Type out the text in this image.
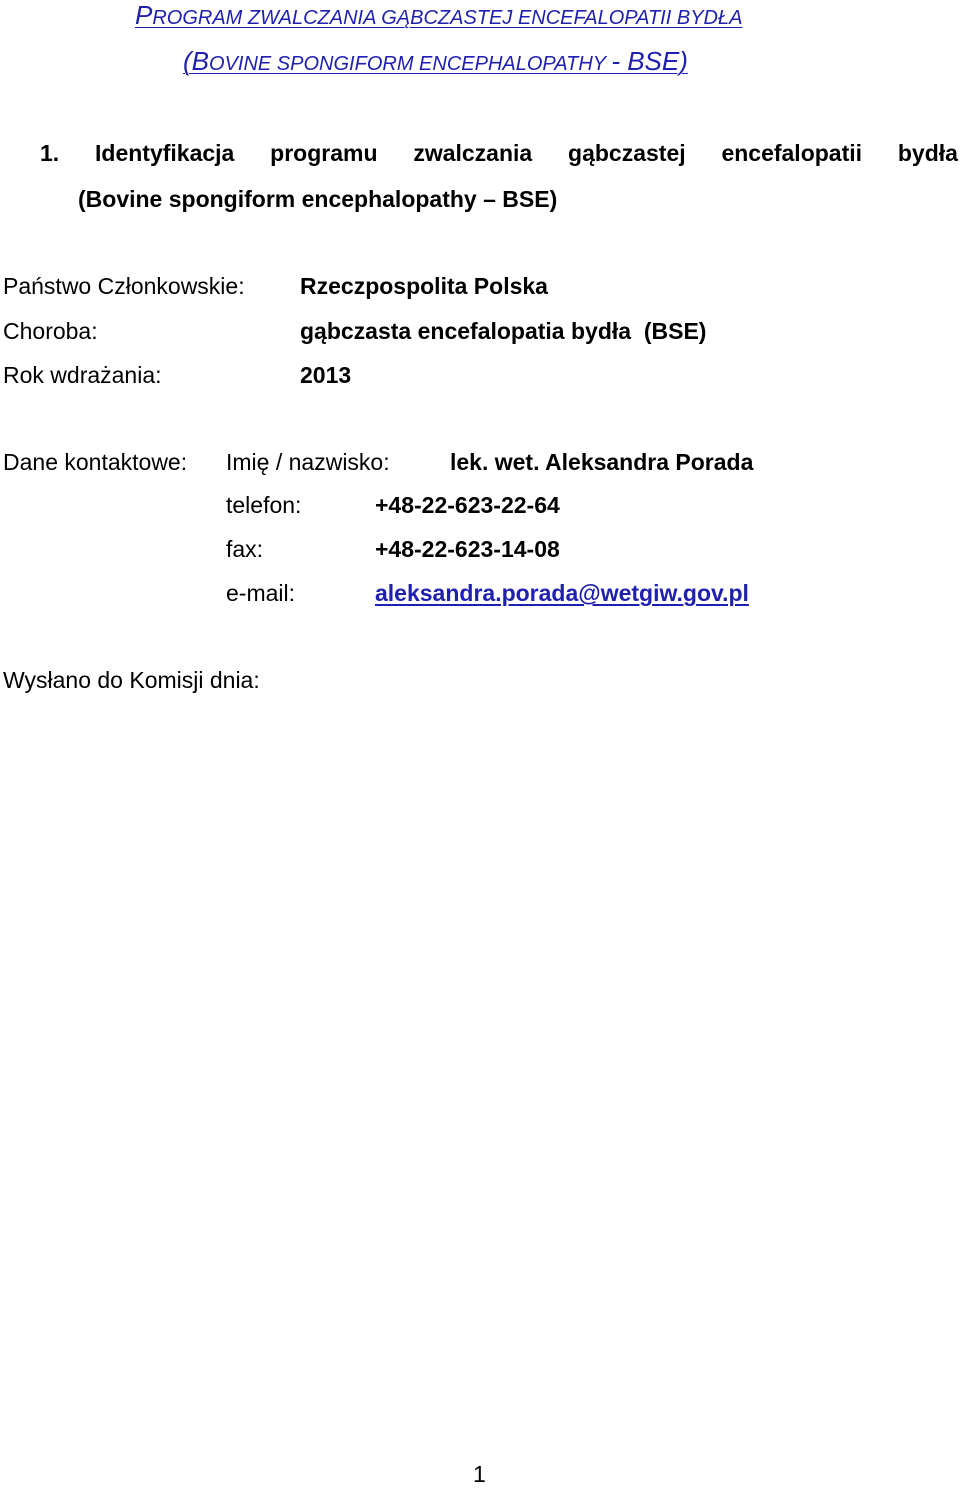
PROGRAM ZWALCZANIA GĄBCZASTEJ ENCEFALOPATII BYDŁA
(BOVINE SPONGIFORM ENCEPHALOPATHY - BSE)
1. Identyfikacja programu zwalczania gąbczastej encefalopatii bydła
(Bovine spongiform encephalopathy – BSE)
Państwo Członkowskie: Rzeczpospolita Polska
Choroba:	gąbczasta encefalopatia bydła  (BSE)
Rok wdrażania:	2013
Dane kontaktowe: Imię / nazwisko:	lek. wet. Aleksandra Porada
telefon:	+48-22-623-22-64
fax:	+48-22-623-14-08
e-mail:	aleksandra.porada@wetgiw.gov.pl
Wysłano do Komisji dnia:
1
